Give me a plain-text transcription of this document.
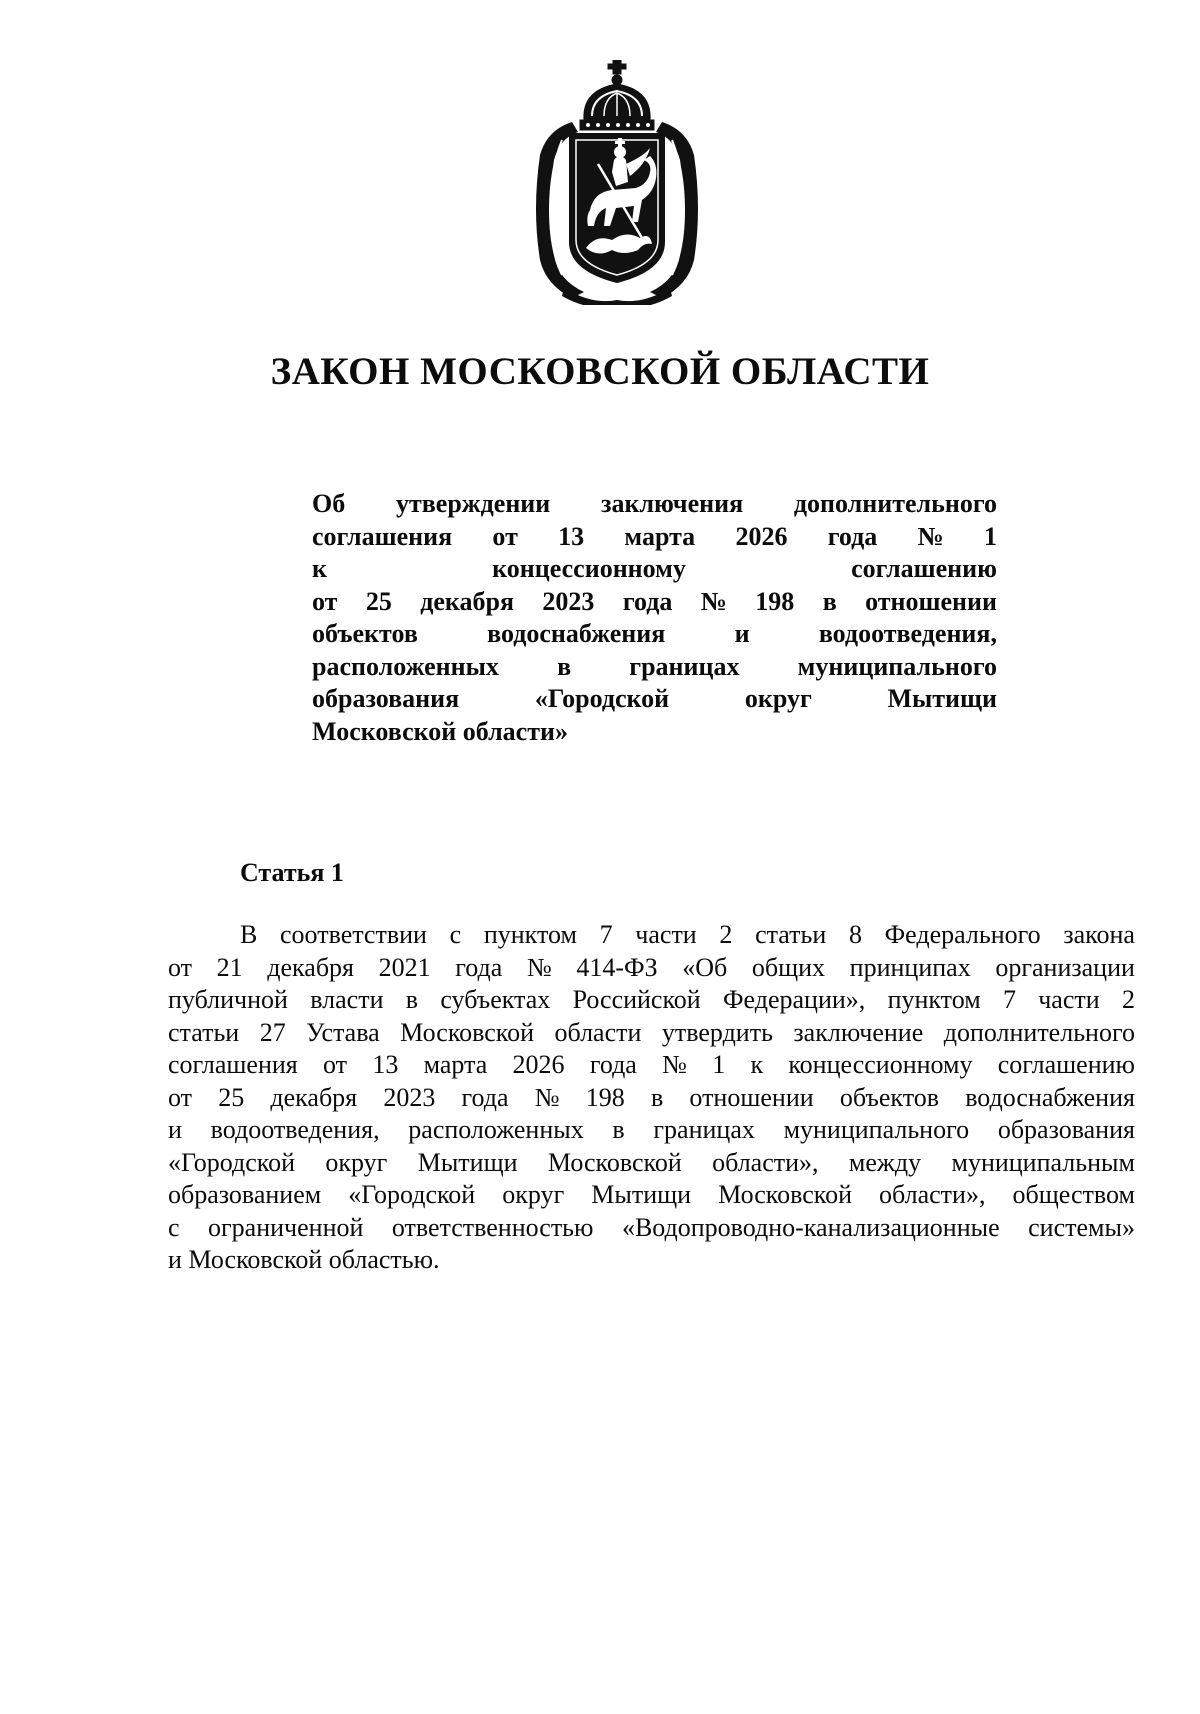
ЗАКОН МОСКОВСКОЙ ОБЛАСТИ
Об утверждении заключения дополнительного
соглашения от 13 марта 2026 года № 1
к	концессионному	соглашению
от 25 декабря 2023 года № 198 в отношении
объектов	водоснабжения	и	водоотведения,
расположенных в границах муниципального
образования	«Городской	округ	Мытищи
Московской области»
Статья 1
В соответствии с пунктом 7 части 2 статьи 8 Федерального закона
от 21 декабря 2021 года № 414-ФЗ «Об общих принципах организации
публичной власти в субъектах Российской Федерации», пунктом 7 части 2
статьи 27 Устава Московской области утвердить заключение дополнительного
соглашения от 13 марта 2026 года № 1 к концессионному соглашению
от 25 декабря 2023 года № 198 в отношении объектов водоснабжения
и водоотведения, расположенных в границах муниципального образования
«Городской округ Мытищи Московской области», между муниципальным
образованием «Городской округ Мытищи Московской области», обществом
с ограниченной ответственностью «Водопроводно-канализационные системы»
и Московской областью.
